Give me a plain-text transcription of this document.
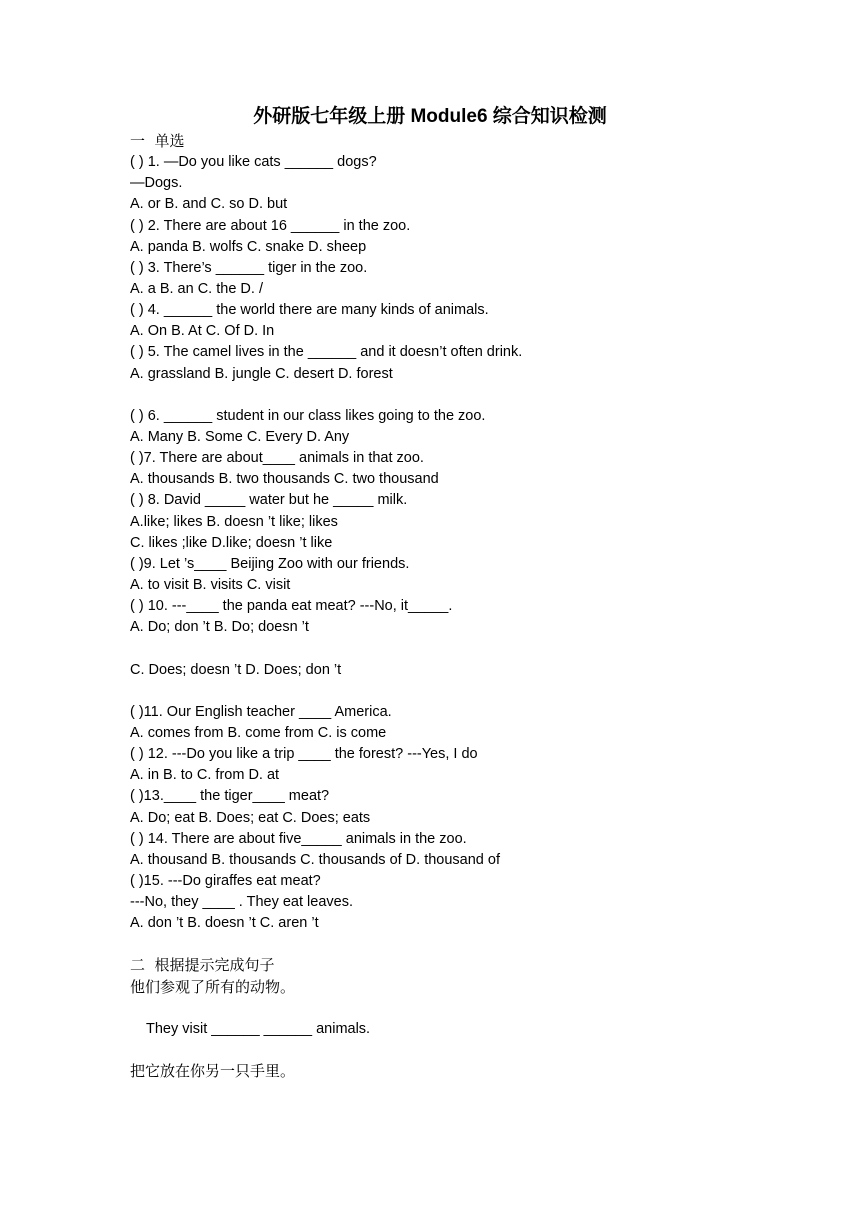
外研版七年级上册 Module6 综合知识检测
一  单选
( ) 1. —Do you like cats ______ dogs?
—Dogs.
A. or B. and C. so D. but
( ) 2. There are about 16 ______ in the zoo.
A. panda B. wolfs C. snake D. sheep
( ) 3. There’s ______ tiger in the zoo.
A. a B. an C. the D. /
( ) 4. ______ the world there are many kinds of animals.
A. On B. At C. Of D. In
( ) 5. The camel lives in the ______ and it doesn’t often drink.
A. grassland B. jungle C. desert D. forest
( ) 6. ______ student in our class likes going to the zoo.
A. Many B. Some C. Every D. Any
( )7. There are about____ animals in that zoo.
A. thousands B. two thousands C. two thousand
( ) 8. David _____ water but he _____ milk.
A.like; likes B. doesn ’t like; likes
C. likes ;like D.like; doesn ’t like
( )9. Let ’s____ Beijing Zoo with our friends.
A. to visit B. visits C. visit
( ) 10. ---____ the panda eat meat? ---No, it_____.
A. Do; don ’t B. Do; doesn ’t
C. Does; doesn ’t D. Does; don ’t
( )11. Our English teacher ____ America.
A. comes from B. come from C. is come
( ) 12. ---Do you like a trip ____ the forest? ---Yes, I do
A. in B. to C. from D. at
( )13.____ the tiger____ meat?
A. Do; eat B. Does; eat C. Does; eats
( ) 14. There are about five_____ animals in the zoo.
A. thousand B. thousands C. thousands of D. thousand of
( )15. ---Do giraffes eat meat?
---No, they ____ . They eat leaves.
A. don ’t B. doesn ’t C. aren ’t
二  根据提示完成句子
他们参观了所有的动物。
They visit ______ ______ animals.
把它放在你另一只手里。
